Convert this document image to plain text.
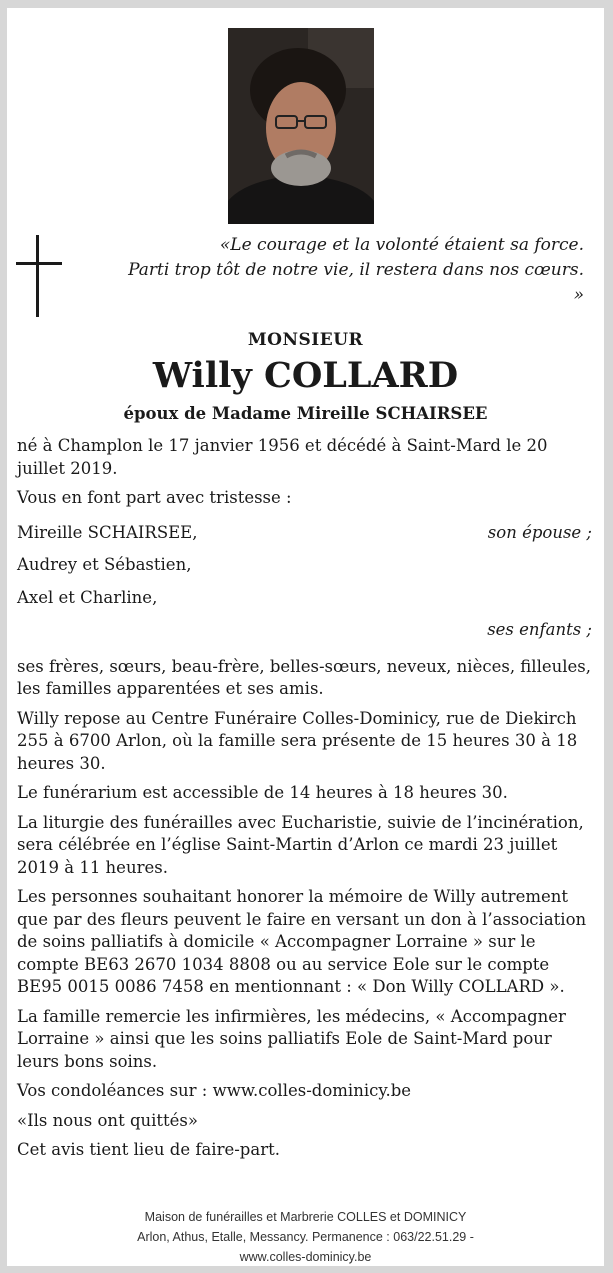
«Le courage et la volonté étaient sa force.
Parti trop tôt de notre vie, il restera dans nos cœurs.
»
MONSIEUR
Willy COLLARD
époux de Madame Mireille SCHAIRSEE

né à Champlon le 17 janvier 1956 et décédé à Saint-Mard le 20 juillet 2019.

Vous en font part avec tristesse :

Mireille SCHAIRSEE,	son épouse ;
Audrey et Sébastien,
Axel et Charline,
ses enfants ;

ses frères, sœurs, beau-frère, belles-sœurs, neveux, nièces, filleules, les familles apparentées et ses amis.

Willy repose au Centre Funéraire Colles-Dominicy, rue de Diekirch 255 à 6700 Arlon, où la famille sera présente de 15 heures 30 à 18 heures 30.

Le funérarium est accessible de 14 heures à 18 heures 30.

La liturgie des funérailles avec Eucharistie, suivie de l’incinération, sera célébrée en l’église Saint-Martin d’Arlon ce mardi 23 juillet 2019 à 11 heures.

Les personnes souhaitant honorer la mémoire de Willy autrement que par des fleurs peuvent le faire en versant un don à l’association de soins palliatifs à domicile « Accompagner Lorraine » sur le compte BE63 2670 1034 8808 ou au service Eole sur le compte BE95 0015 0086 7458 en mentionnant : « Don Willy COLLARD ».

La famille remercie les infirmières, les médecins, « Accompagner Lorraine » ainsi que les soins palliatifs Eole de Saint-Mard pour leurs bons soins.

Vos condoléances sur : www.colles-dominicy.be

«Ils nous ont quittés»

Cet avis tient lieu de faire-part.

Maison de funérailles et Marbrerie COLLES et DOMINICY
Arlon, Athus, Etalle, Messancy. Permanence : 063/22.51.29 -
www.colles-dominicy.be
